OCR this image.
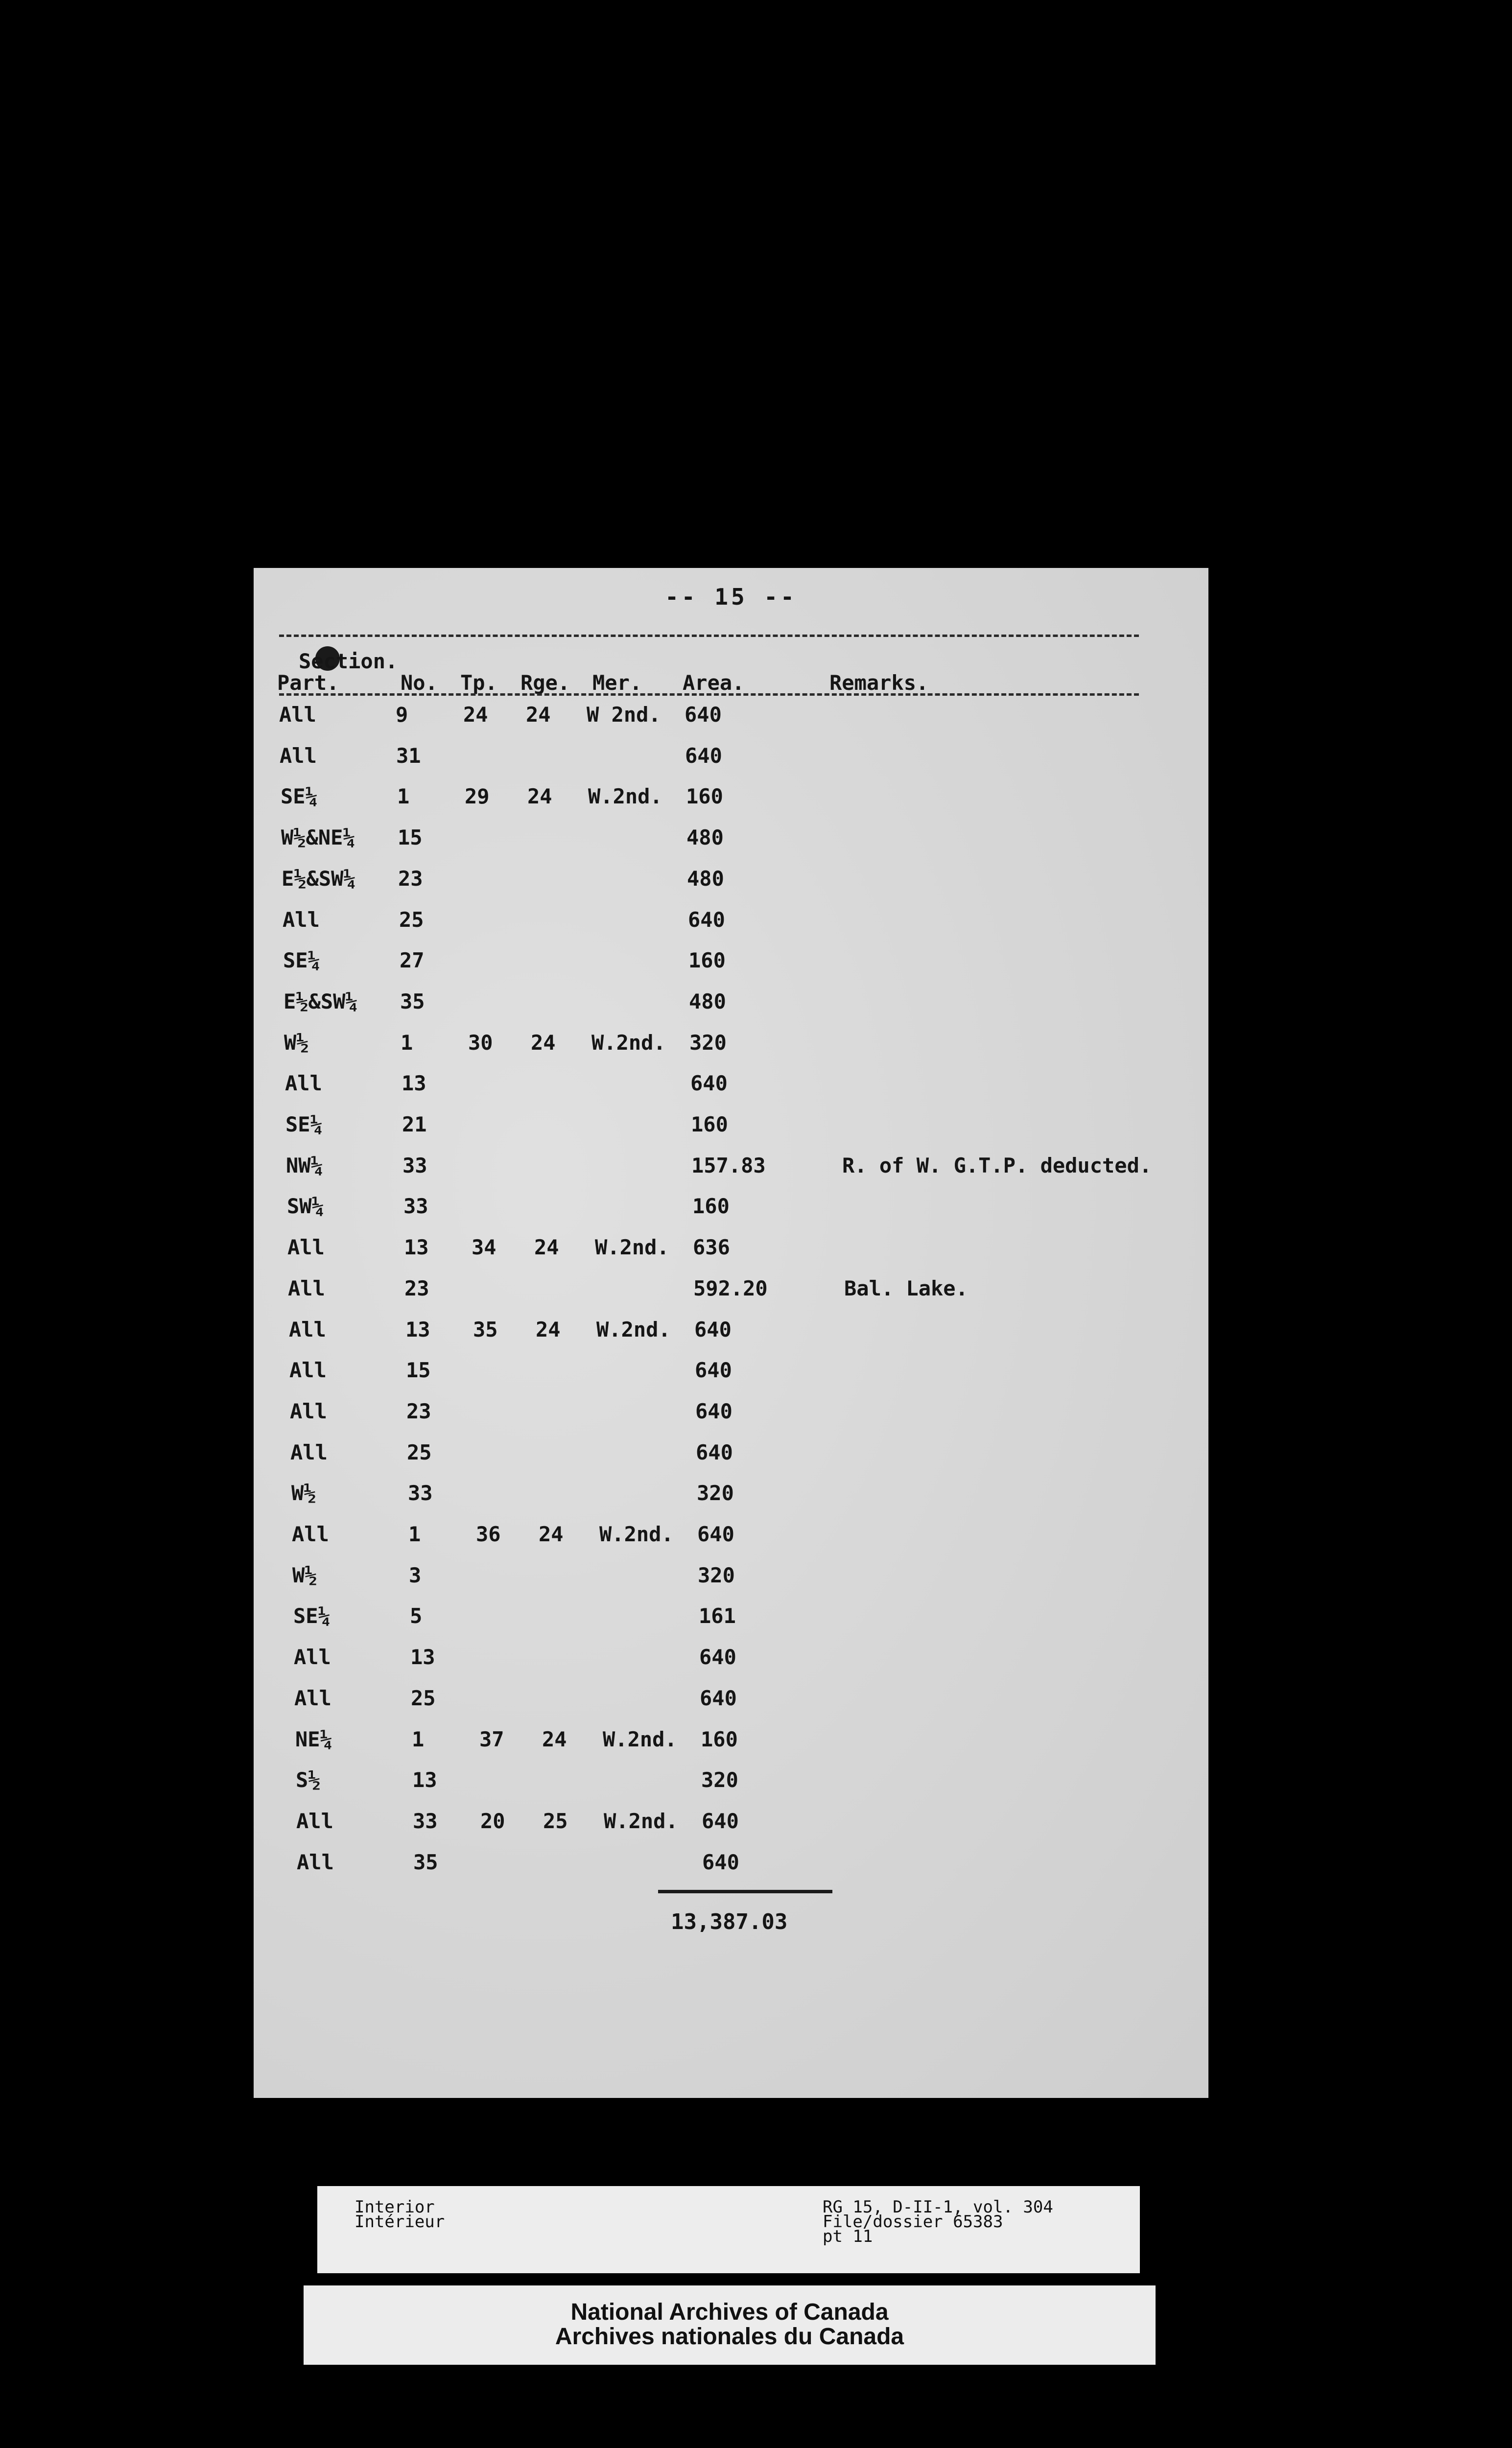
-- 15 --
Section.
Part.	No. Tp. Rge. Mer. Area.	Remarks.
All	9	24 24 W 2nd. 640
All	31	640
SE¼	1	29 24 W.2nd. 160
W½&NE¼ 15	480
E½&SW¼ 23	480
All	25	640
SE¼	27	160
E½&SW¼ 35	480
W½	1	30 24 W.2nd. 320
All	13	640
SE¼	21	160
NW¼	33	157.83	R. of W. G.T.P. deducted.
SW¼	33	160
All	13 34 24 W.2nd. 636
All	23	592.20	Bal. Lake.
All	13 35 24 W.2nd. 640
All	15	640
All	23	640
All	25	640
W½	33	320
All	1	36 24 W.2nd. 640
W½	3	320
SE¼	5	161
All	13	640
All	25	640
NE¼	1	37 24 W.2nd. 160
S½	13	320
All	33 20 25 W.2nd. 640
All	35	640
13,387.03
Interior
Intérieur
RG 15, D-II-1, vol. 304
File/dossier 65383
pt 11
National Archives of Canada
Archives nationales du Canada
